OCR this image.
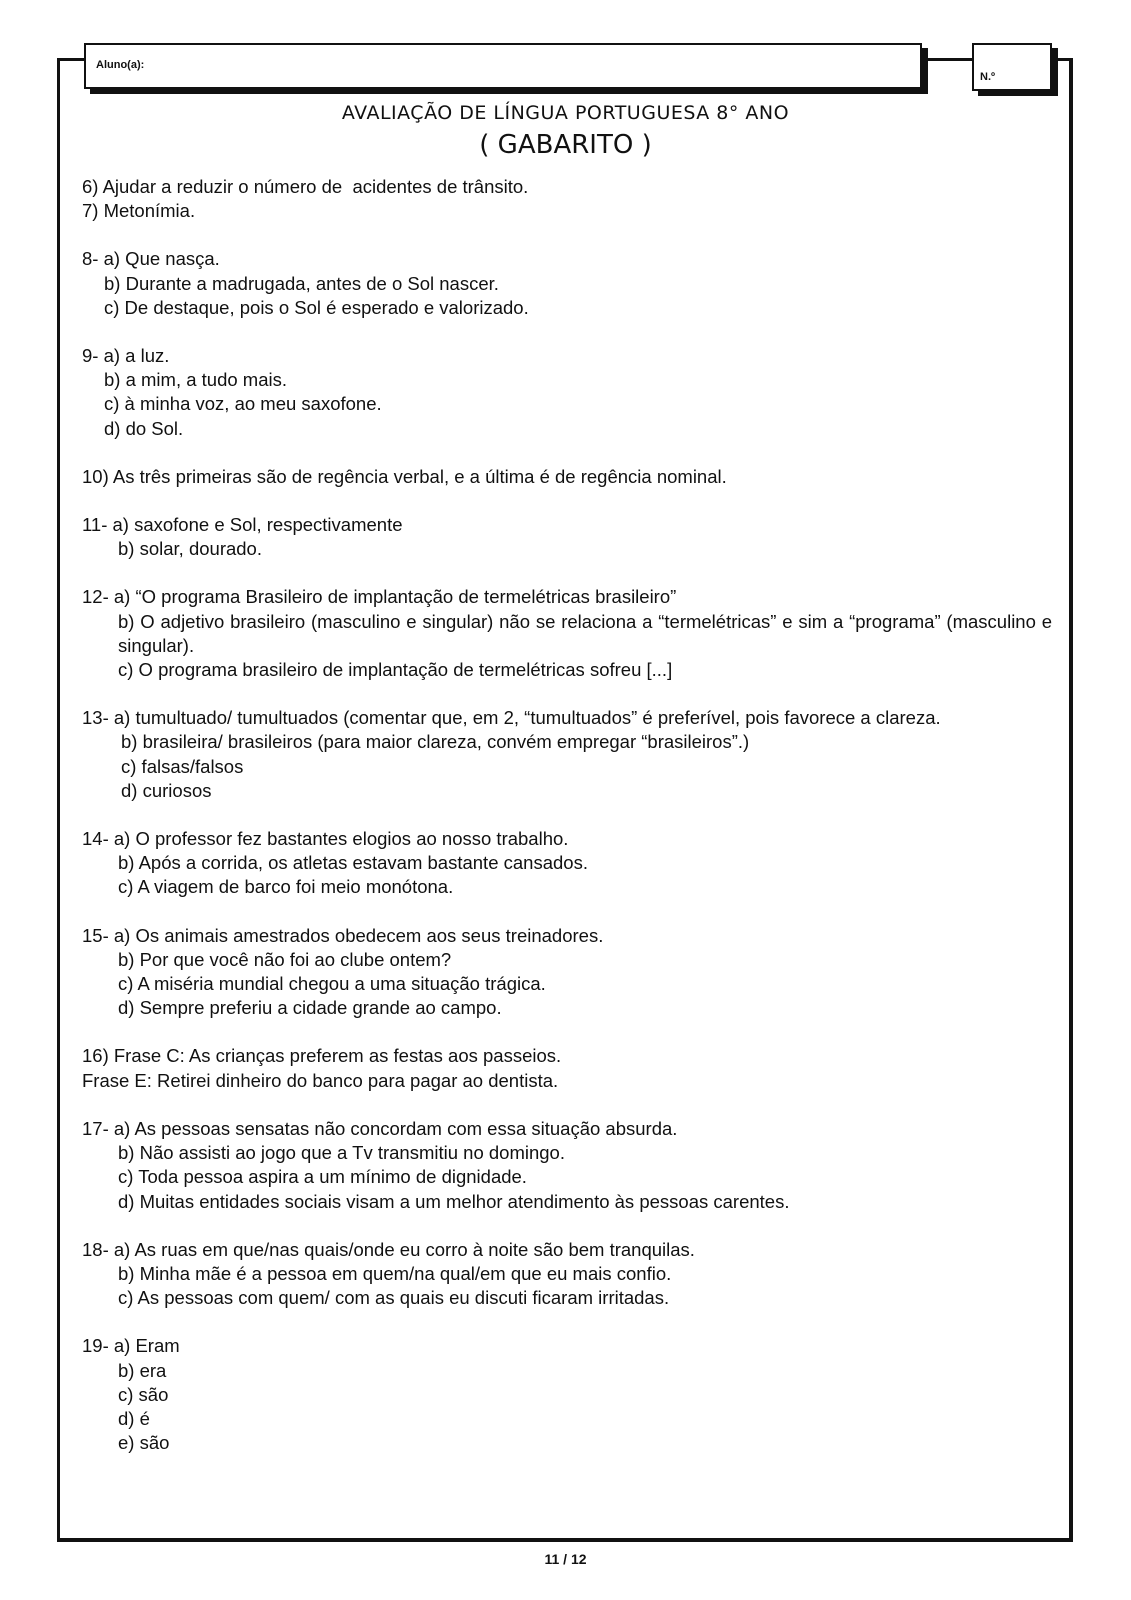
Aluno(a):
N.º
AVALIAÇÃO DE LÍNGUA PORTUGUESA 8° ANO
( GABARITO )
6) Ajudar a reduzir o número de  acidentes de trânsito.
7) Metonímia.
8- a) Que nasça.
b) Durante a madrugada, antes de o Sol nascer.
c) De destaque, pois o Sol é esperado e valorizado.
9- a) a luz.
b) a mim, a tudo mais.
c) à minha voz, ao meu saxofone.
d) do Sol.
10) As três primeiras são de regência verbal, e a última é de regência nominal.
11- a) saxofone e Sol, respectivamente
b) solar, dourado.
12- a) “O programa Brasileiro de implantação de termelétricas brasileiro”
b) O adjetivo brasileiro (masculino e singular) não se relaciona a “termelétricas” e sim a “programa” (masculino e singular).
c) O programa brasileiro de implantação de termelétricas sofreu [...]
13- a) tumultuado/ tumultuados (comentar que, em 2, “tumultuados” é preferível, pois favorece a clareza.
b) brasileira/ brasileiros (para maior clareza, convém empregar “brasileiros”.)
c) falsas/falsos
d) curiosos
14- a) O professor fez bastantes elogios ao nosso trabalho.
b) Após a corrida, os atletas estavam bastante cansados.
c) A viagem de barco foi meio monótona.
15- a) Os animais amestrados obedecem aos seus treinadores.
b) Por que você não foi ao clube ontem?
c) A miséria mundial chegou a uma situação trágica.
d) Sempre preferiu a cidade grande ao campo.
16) Frase C: As crianças preferem as festas aos passeios.
Frase E: Retirei dinheiro do banco para pagar ao dentista.
17- a) As pessoas sensatas não concordam com essa situação absurda.
b) Não assisti ao jogo que a Tv transmitiu no domingo.
c) Toda pessoa aspira a um mínimo de dignidade.
d) Muitas entidades sociais visam a um melhor atendimento às pessoas carentes.
18- a) As ruas em que/nas quais/onde eu corro à noite são bem tranquilas.
b) Minha mãe é a pessoa em quem/na qual/em que eu mais confio.
c) As pessoas com quem/ com as quais eu discuti ficaram irritadas.
19- a) Eram
b) era
c) são
d) é
e) são
11 / 12
